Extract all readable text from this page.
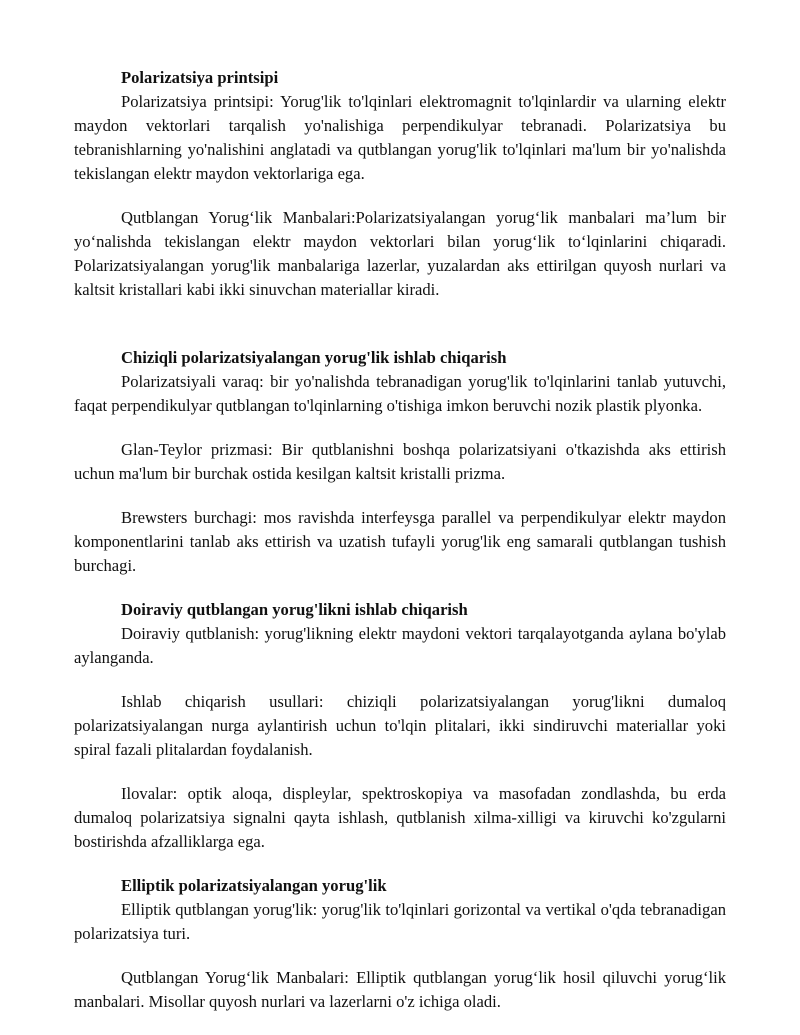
Polarizatsiya printsipi

Polarizatsiya printsipi: Yorug'lik to'lqinlari elektromagnit to'lqinlardir va ularning elektr maydon vektorlari tarqalish yo'nalishiga perpendikulyar tebranadi. Polarizatsiya bu tebranishlarning yo'nalishini anglatadi va qutblangan yorug'lik to'lqinlari ma'lum bir yo'nalishda tekislangan elektr maydon vektorlariga ega.

Qutblangan Yorug‘lik Manbalari:Polarizatsiyalangan yorug‘lik manbalari ma’lum bir yo‘nalishda tekislangan elektr maydon vektorlari bilan yorug‘lik to‘lqinlarini chiqaradi. Polarizatsiyalangan yorug'lik manbalariga lazerlar, yuzalardan aks ettirilgan quyosh nurlari va kaltsit kristallari kabi ikki sinuvchan materiallar kiradi.

Chiziqli polarizatsiyalangan yorug'lik ishlab chiqarish

Polarizatsiyali varaq: bir yo'nalishda tebranadigan yorug'lik to'lqinlarini tanlab yutuvchi, faqat perpendikulyar qutblangan to'lqinlarning o'tishiga imkon beruvchi nozik plastik plyonka.

Glan-Teylor prizmasi: Bir qutblanishni boshqa polarizatsiyani o'tkazishda aks ettirish uchun ma'lum bir burchak ostida kesilgan kaltsit kristalli prizma.

Brewsters burchagi: mos ravishda interfeysga parallel va perpendikulyar elektr maydon komponentlarini tanlab aks ettirish va uzatish tufayli yorug'lik eng samarali qutblangan tushish burchagi.

Doiraviy qutblangan yorug'likni ishlab chiqarish

Doiraviy qutblanish: yorug'likning elektr maydoni vektori tarqalayotganda aylana bo'ylab aylanganda.

Ishlab chiqarish usullari: chiziqli polarizatsiyalangan yorug'likni dumaloq polarizatsiyalangan nurga aylantirish uchun to'lqin plitalari, ikki sindiruvchi materiallar yoki spiral fazali plitalardan foydalanish.

Ilovalar: optik aloqa, displeylar, spektroskopiya va masofadan zondlashda, bu erda dumaloq polarizatsiya signalni qayta ishlash, qutblanish xilma-xilligi va kiruvchi ko'zgularni bostirishda afzalliklarga ega.

Elliptik polarizatsiyalangan yorug'lik

Elliptik qutblangan yorug'lik: yorug'lik to'lqinlari gorizontal va vertikal o'qda tebranadigan polarizatsiya turi.

Qutblangan Yorug‘lik Manbalari: Elliptik qutblangan yorug‘lik hosil qiluvchi yorug‘lik manbalari. Misollar quyosh nurlari va lazerlarni o'z ichiga oladi.
